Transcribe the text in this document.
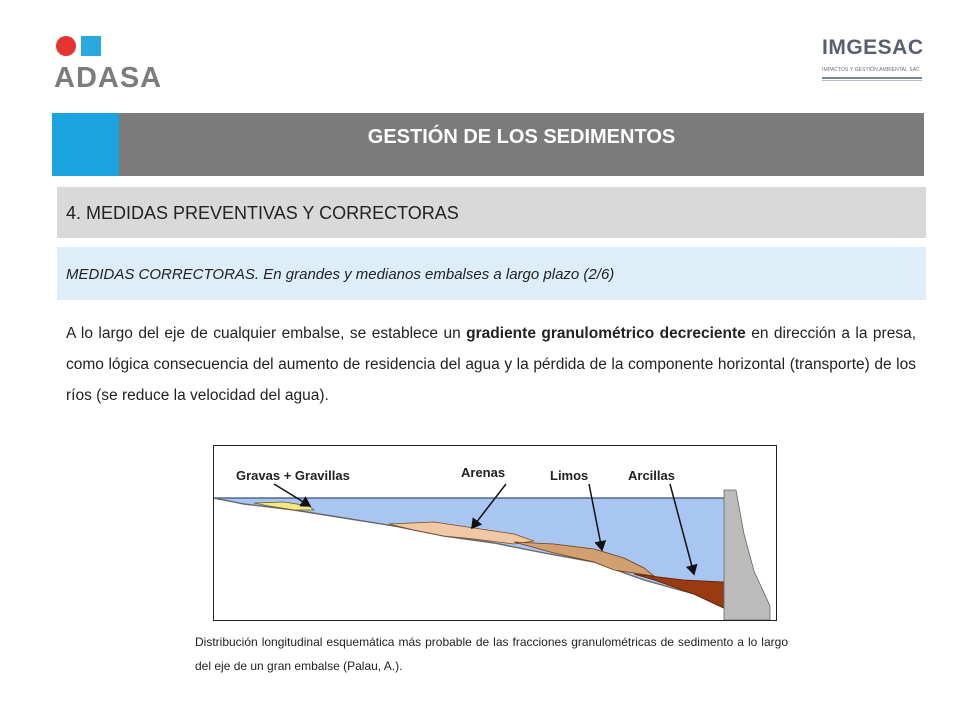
ADASA
IMGESAC
IMPACTOS Y GESTIÓN AMBIENTAL SAC
GESTIÓN DE LOS SEDIMENTOS
4. MEDIDAS PREVENTIVAS Y CORRECTORAS
MEDIDAS CORRECTORAS. En grandes y medianos embalses a largo plazo (2/6)
A lo largo del eje de cualquier embalse, se establece un gradiente granulométrico decreciente en dirección a la presa, como lógica consecuencia del aumento de residencia del agua y la pérdida de la componente horizontal (transporte) de los ríos (se reduce la velocidad del agua).
Gravas + Gravillas	Arenas	Limos	Arcillas
Distribución longitudinal esquemática más probable de las fracciones granulométricas de sedimento a lo largo del eje de un gran embalse (Palau, A.).
